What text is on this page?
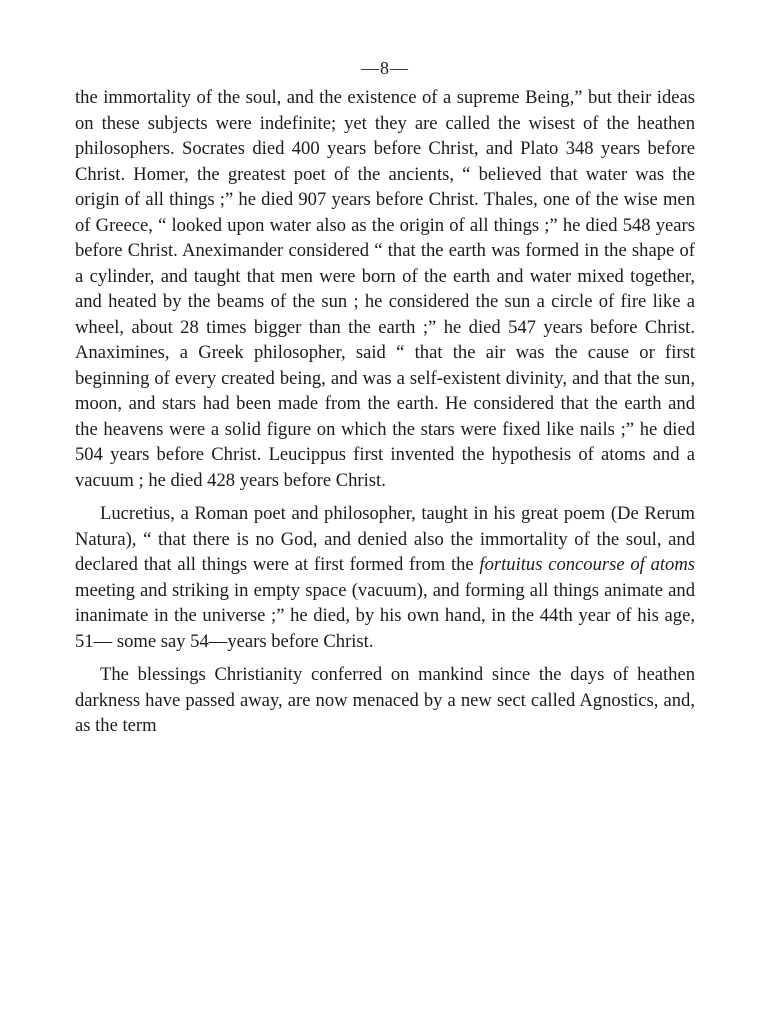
—8—

the immortality of the soul, and the existence of a supreme Being,” but their ideas on these subjects were indefinite; yet they are called the wisest of the heathen philosophers. Socrates died 400 years before Christ, and Plato 348 years before Christ. Homer, the greatest poet of the ancients, “ believed that water was the origin of all things ;” he died 907 years before Christ. Thales, one of the wise men of Greece, “ looked upon water also as the origin of all things ;” he died 548 years before Christ. Aneximander considered “ that the earth was formed in the shape of a cylinder, and taught that men were born of the earth and water mixed together, and heated by the beams of the sun ; he considered the sun a circle of fire like a wheel, about 28 times bigger than the earth ;” he died 547 years before Christ. Anaximines, a Greek philosopher, said “ that the air was the cause or first beginning of every created being, and was a self-existent divinity, and that the sun, moon, and stars had been made from the earth. He considered that the earth and the heavens were a solid figure on which the stars were fixed like nails ;” he died 504 years before Christ. Leucippus first invented the hypothesis of atoms and a vacuum ; he died 428 years before Christ.

Lucretius, a Roman poet and philosopher, taught in his great poem (De Rerum Natura), “ that there is no God, and denied also the immortality of the soul, and declared that all things were at first formed from the fortuitus concourse of atoms meeting and striking in empty space (vacuum), and forming all things animate and inanimate in the universe ;” he died, by his own hand, in the 44th year of his age, 51— some say 54—years before Christ.

The blessings Christianity conferred on mankind since the days of heathen darkness have passed away, are now menaced by a new sect called Agnostics, and, as the term
